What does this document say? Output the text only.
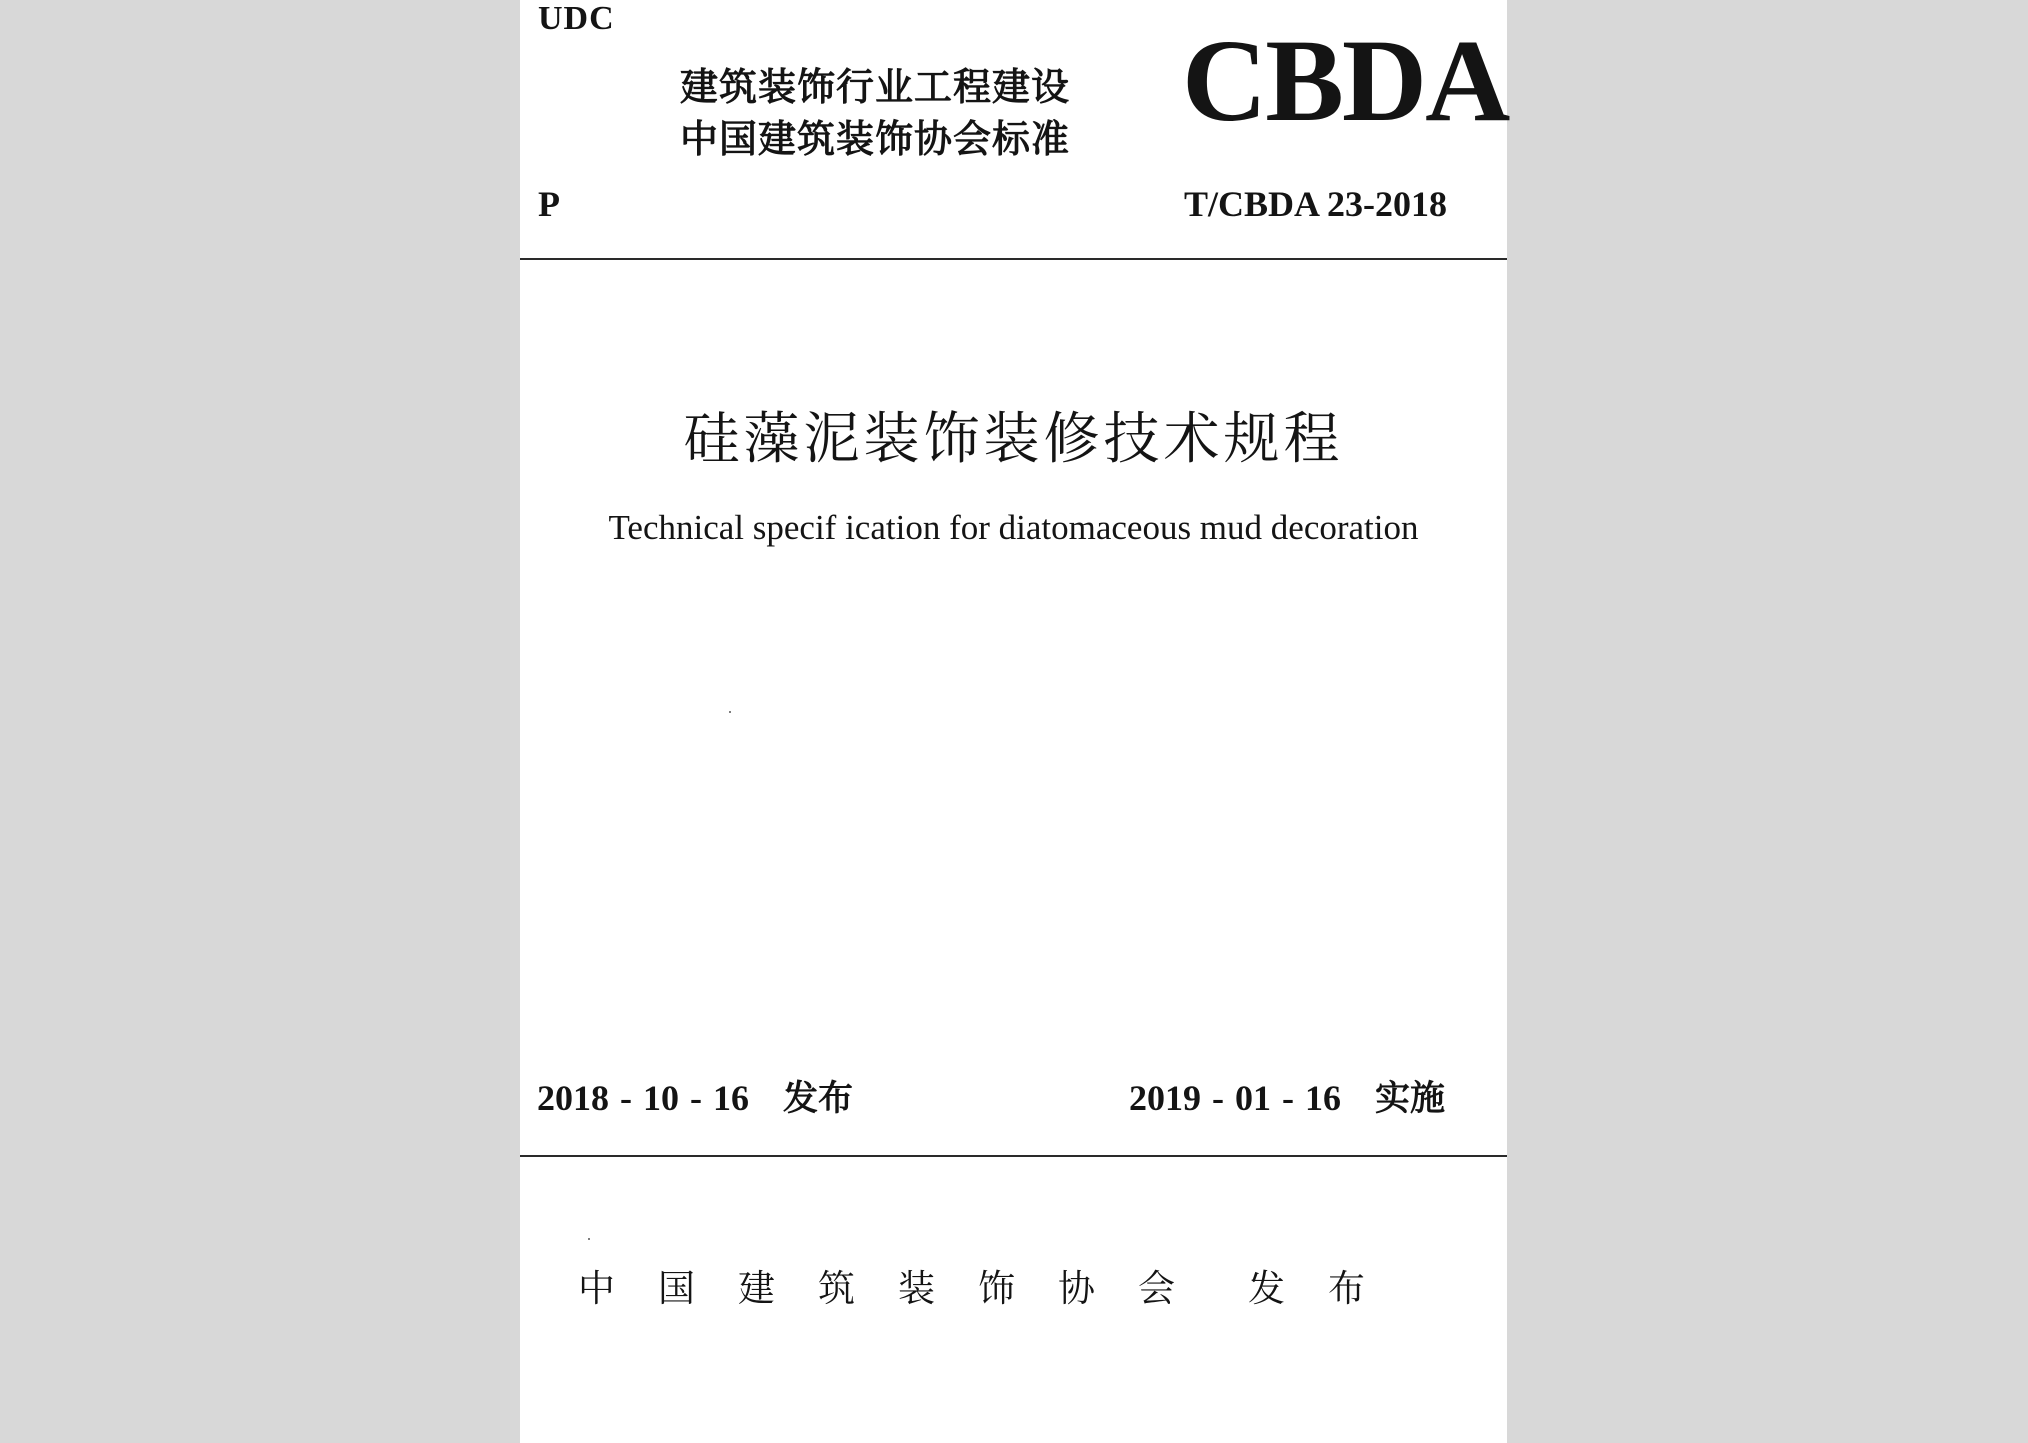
UDC
建筑装饰行业工程建设
中国建筑装饰协会标准 CBDA
P	T/CBDA 23-2018
硅藻泥装饰装修技术规程
Technical specif ication for diatomaceous mud decoration
2018 - 10 - 16 发布	2019 - 01 - 16 实施
中国建筑装饰协会 发布
